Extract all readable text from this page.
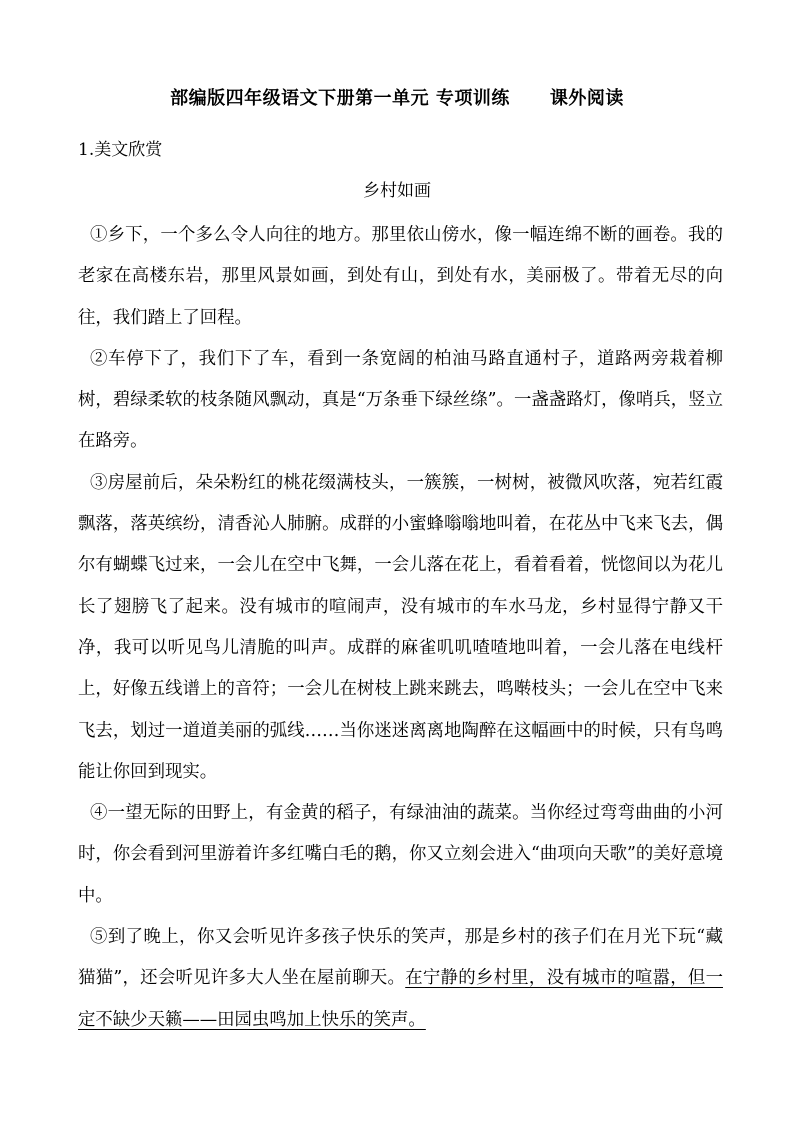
部编版四年级语文下册第一单元 专项训练 课外阅读
1.美文欣赏
乡村如画

①乡下，一个多么令人向往的地方。那里依山傍水，像一幅连绵不断的画卷。我的老家在高楼东岩，那里风景如画，到处有山，到处有水，美丽极了。带着无尽的向往，我们踏上了回程。

②车停下了，我们下了车，看到一条宽阔的柏油马路直通村子，道路两旁栽着柳树，碧绿柔软的枝条随风飘动，真是“万条垂下绿丝绦”。一盏盏路灯，像哨兵，竖立在路旁。

③房屋前后，朵朵粉红的桃花缀满枝头，一簇簇，一树树，被微风吹落，宛若红霞飘落，落英缤纷，清香沁人肺腑。成群的小蜜蜂嗡嗡地叫着，在花丛中飞来飞去，偶尔有蝴蝶飞过来，一会儿在空中飞舞，一会儿落在花上，看着看着，恍惚间以为花儿长了翅膀飞了起来。没有城市的喧闹声，没有城市的车水马龙，乡村显得宁静又干净，我可以听见鸟儿清脆的叫声。成群的麻雀叽叽喳喳地叫着，一会儿落在电线杆上，好像五线谱上的音符；一会儿在树枝上跳来跳去，鸣啭枝头；一会儿在空中飞来飞去，划过一道道美丽的弧线……当你迷迷离离地陶醉在这幅画中的时候，只有鸟鸣能让你回到现实。

④一望无际的田野上，有金黄的稻子，有绿油油的蔬菜。当你经过弯弯曲曲的小河时，你会看到河里游着许多红嘴白毛的鹅，你又立刻会进入“曲项向天歌”的美好意境中。

⑤到了晚上，你又会听见许多孩子快乐的笑声，那是乡村的孩子们在月光下玩“藏猫猫”，还会听见许多大人坐在屋前聊天。在宁静的乡村里，没有城市的喧嚣，但一定不缺少天籁——田园虫鸣加上快乐的笑声。
